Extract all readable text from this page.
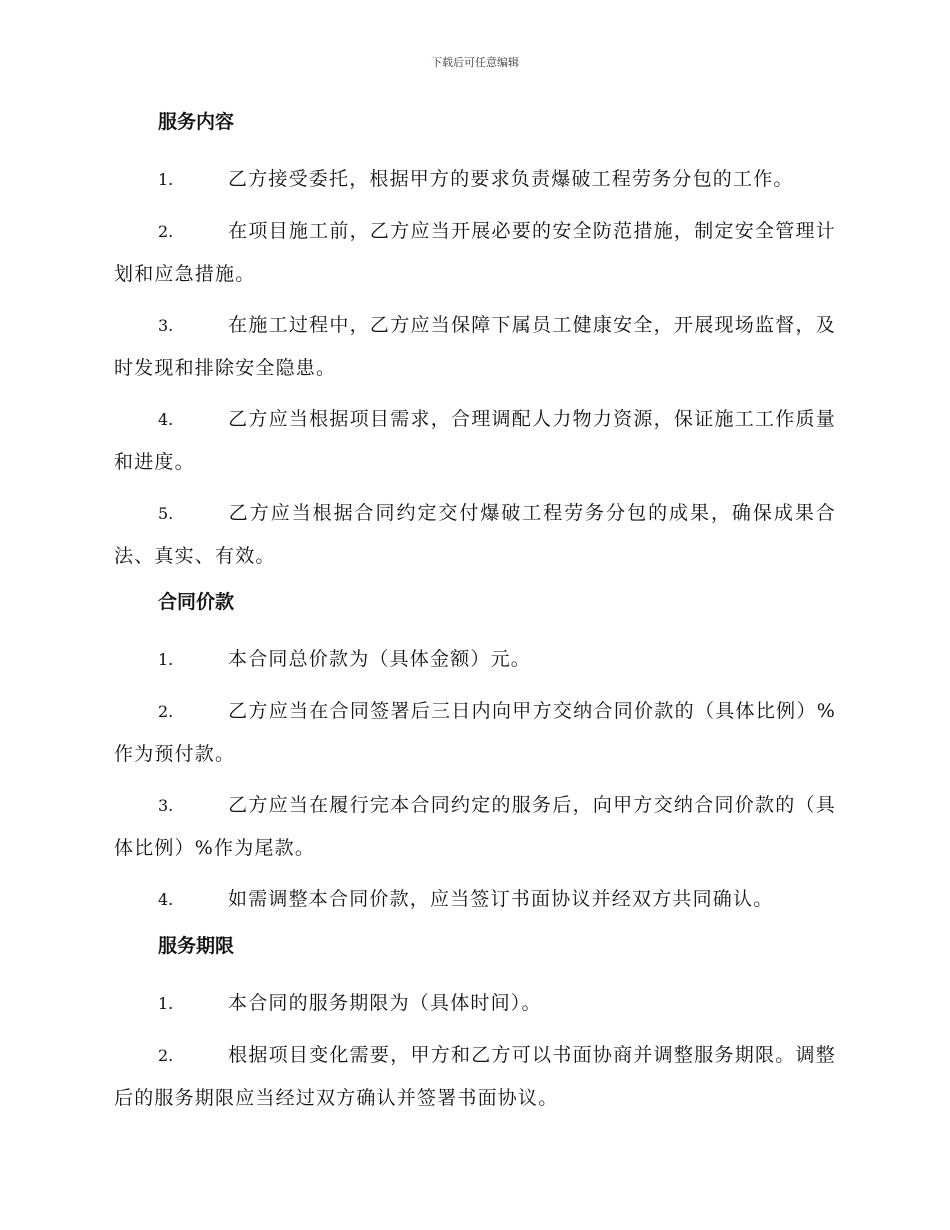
下载后可任意编辑
服务内容
1.	乙方接受委托，根据甲方的要求负责爆破工程劳务分包的工作。
2.	在项目施工前，乙方应当开展必要的安全防范措施，制定安全管理计划和应急措施。
3.	在施工过程中，乙方应当保障下属员工健康安全，开展现场监督，及时发现和排除安全隐患。
4.	乙方应当根据项目需求，合理调配人力物力资源，保证施工工作质量和进度。
5.	乙方应当根据合同约定交付爆破工程劳务分包的成果，确保成果合法、真实、有效。
合同价款
1.	本合同总价款为（具体金额）元。
2.	乙方应当在合同签署后三日内向甲方交纳合同价款的（具体比例）%作为预付款。
3.	乙方应当在履行完本合同约定的服务后，向甲方交纳合同价款的（具体比例）%作为尾款。
4.	如需调整本合同价款，应当签订书面协议并经双方共同确认。
服务期限
1.	本合同的服务期限为（具体时间）。
2.	根据项目变化需要，甲方和乙方可以书面协商并调整服务期限。调整后的服务期限应当经过双方确认并签署书面协议。
